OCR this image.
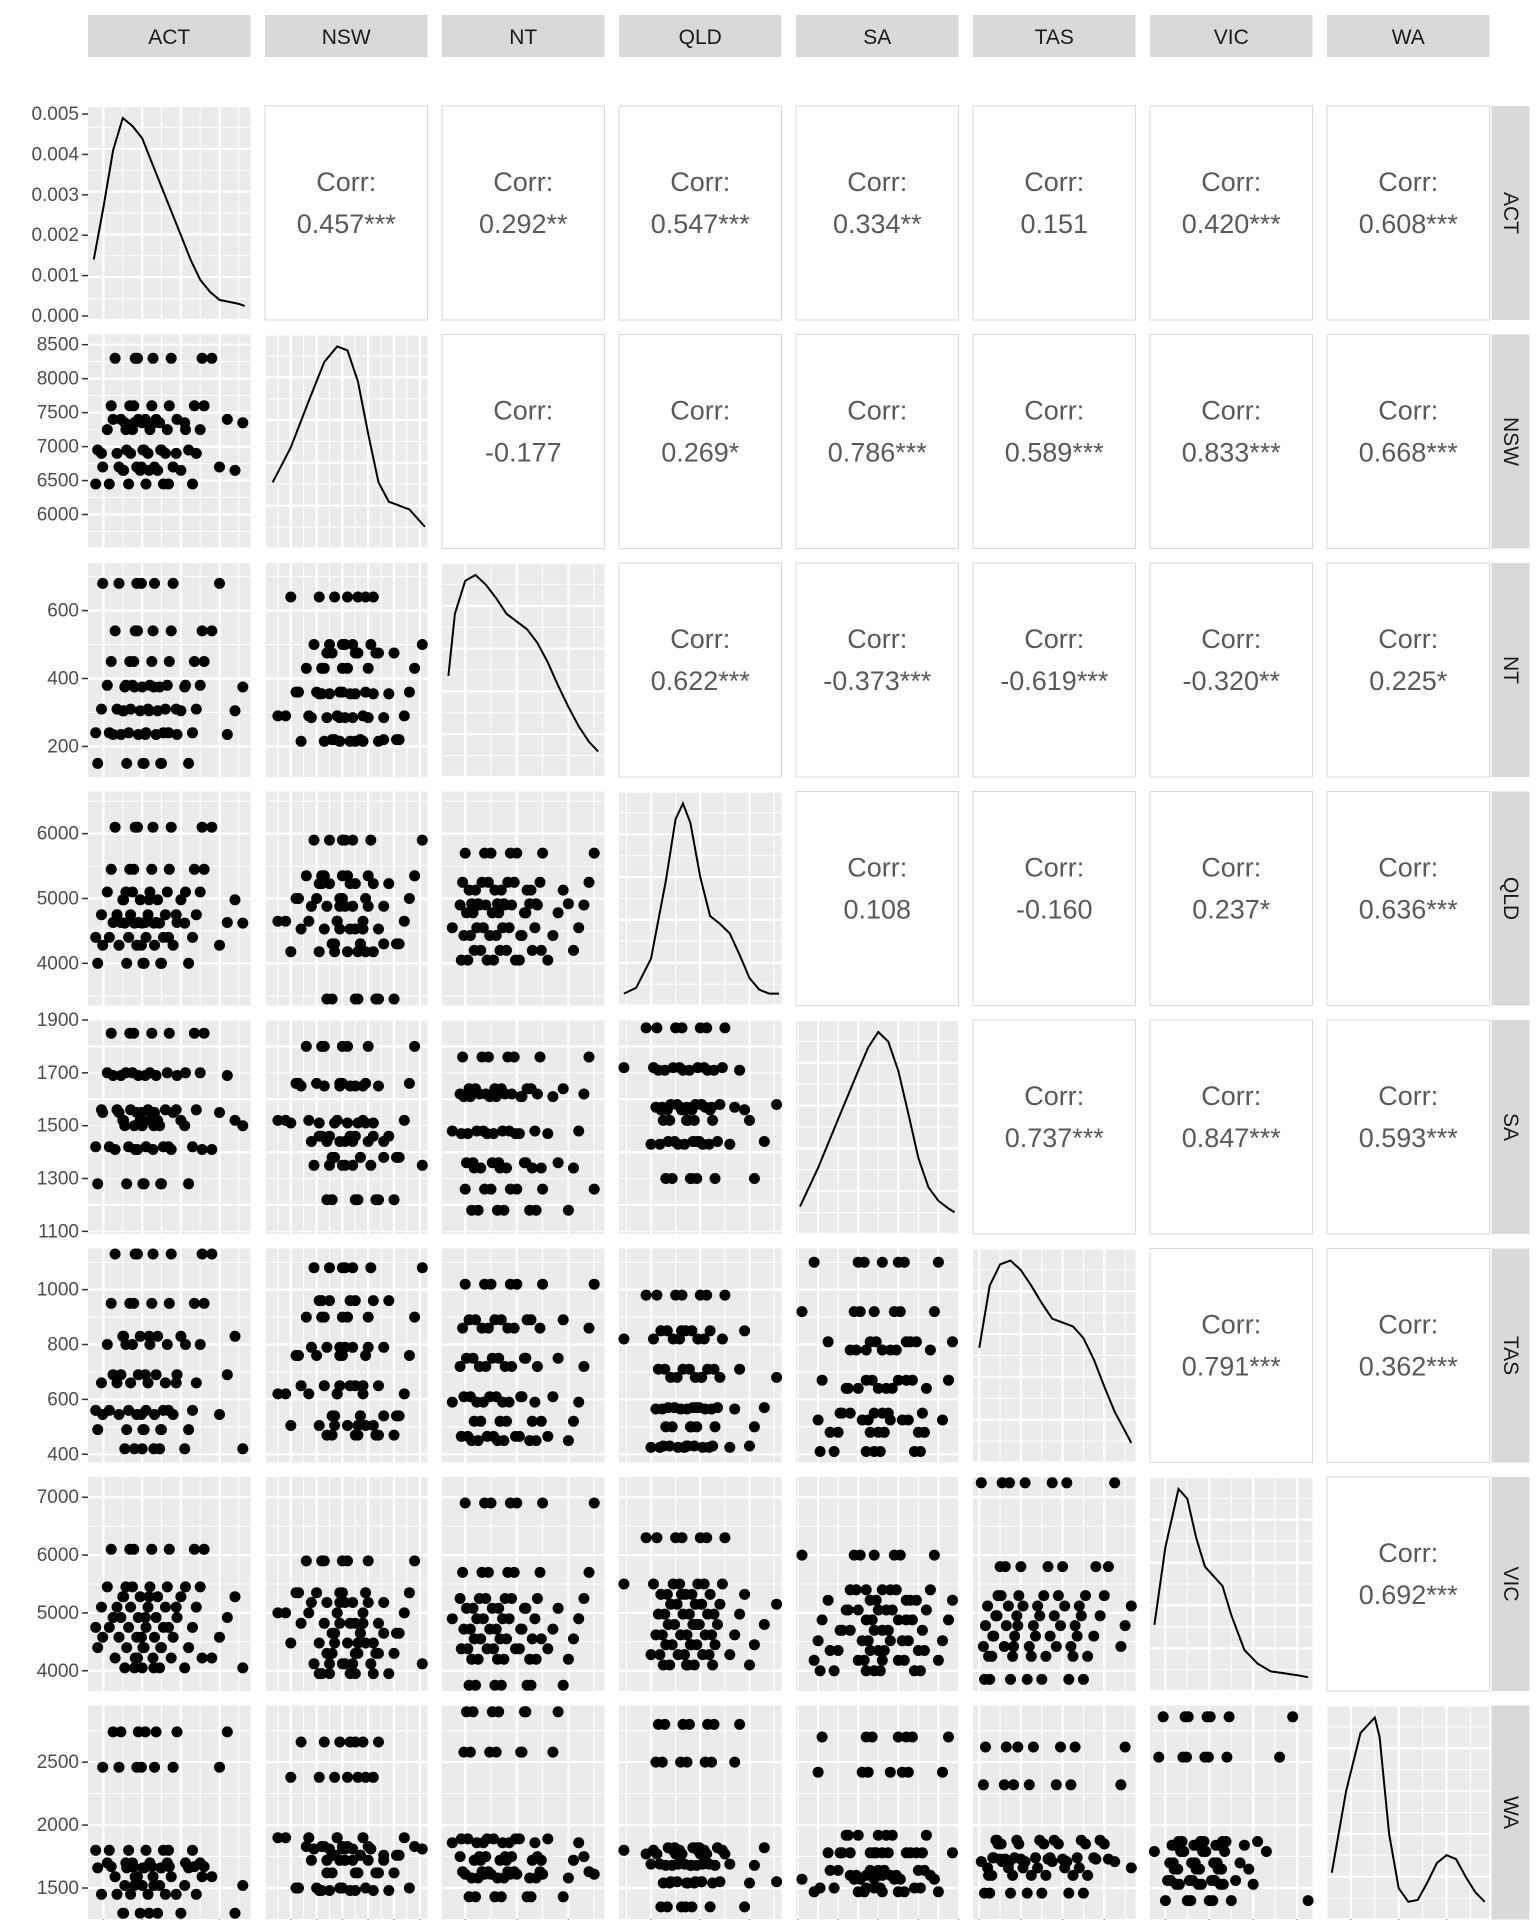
ACT	NSW	NT	QLD	SA	TAS	VIC	WA
ACT
NSW
NT
QLD
SA
TAS
VIC
WA
Corr:
0.457***
Corr:
0.292**
Corr:
0.547***
Corr:
0.334**
Corr:
0.151
Corr:
0.420***
Corr:
0.608***
Corr:
-0.177
Corr:
0.269*
Corr:
0.786***
Corr:
0.589***
Corr:
0.833***
Corr:
0.668***
Corr:
0.622***
Corr:
-0.373***
Corr:
-0.619***
Corr:
-0.320**
Corr:
0.225*
Corr:
0.108
Corr:
-0.160
Corr:
0.237*
Corr:
0.636***
Corr:
0.737***
Corr:
0.847***
Corr:
0.593***
Corr:
0.791***
Corr:
0.362***
Corr:
0.692***
0.000
0.001
0.002
0.003
0.004
0.005
6000
6500
7000
7500
8000
8500
200
400
600
4000
5000
6000
1100
1300
1500
1700
1900
400
600
800
1000
4000
5000
6000
7000
1500
2000
2500
